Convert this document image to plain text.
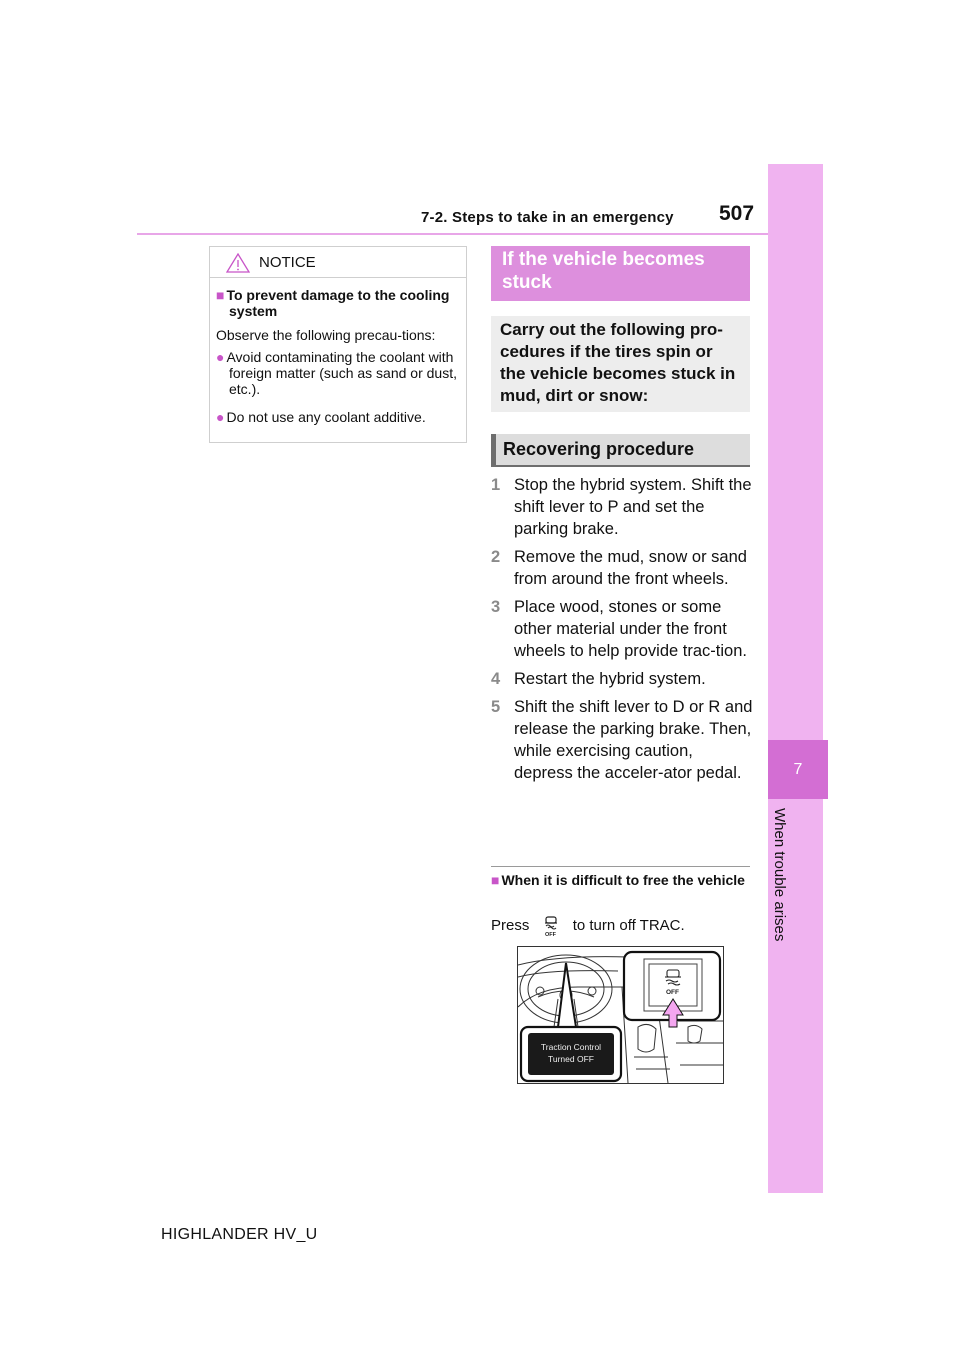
7-2. Steps to take in an emergency 507
7
When trouble arises
NOTICE
■ To prevent damage to the cooling system
Observe the following precau-tions:
● Avoid contaminating the coolant with foreign matter (such as sand or dust, etc.).
● Do not use any coolant additive.
If the vehicle becomes stuck
Carry out the following pro-cedures if the tires spin or the vehicle becomes stuck in mud, dirt or snow:
Recovering procedure
1 Stop the hybrid system. Shift the shift lever to P and set the parking brake.
2 Remove the mud, snow or sand from around the front wheels.
3 Place wood, stones or some other material under the front wheels to help provide trac-tion.
4 Restart the hybrid system.
5 Shift the shift lever to D or R and release the parking brake. Then, while exercising caution, depress the acceler-ator pedal.
■ When it is difficult to free the vehicle
Press
OFF
to turn off TRAC.
OFF
Traction Control
Turned OFF
HIGHLANDER HV_U
